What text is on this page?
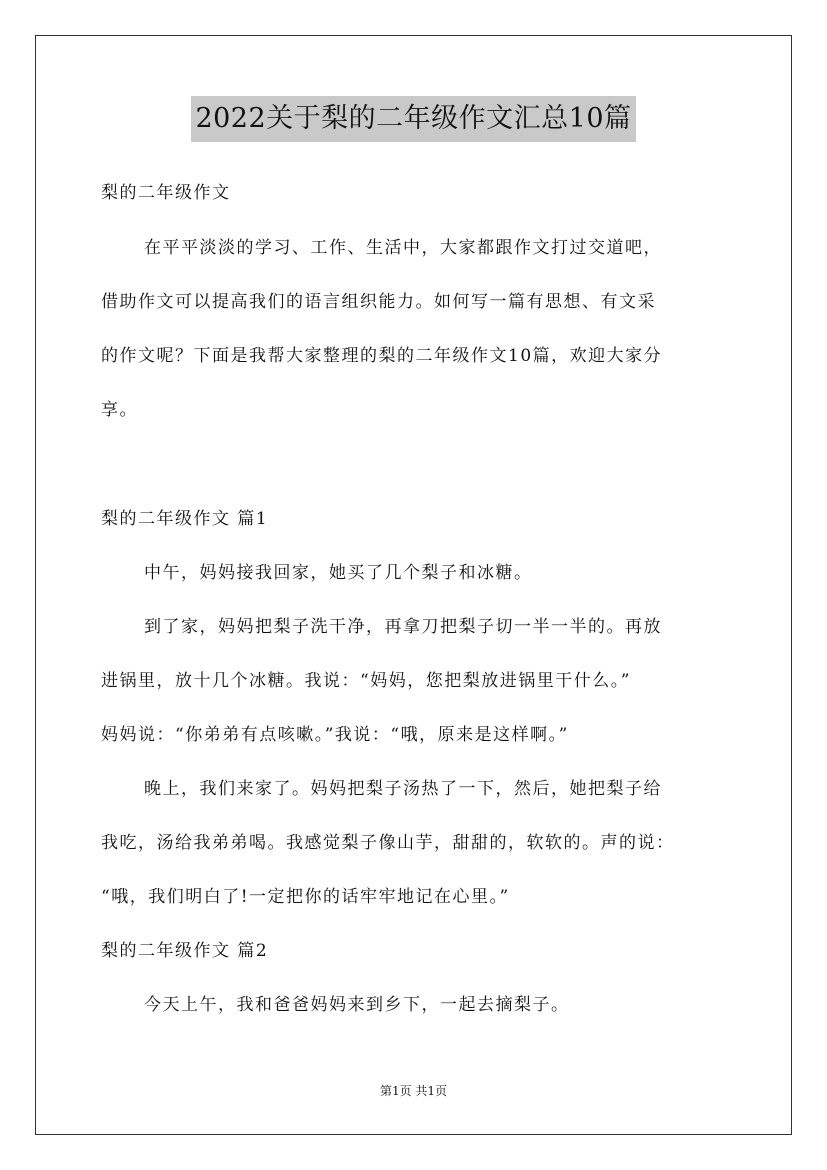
2022关于梨的二年级作文汇总10篇
梨的二年级作文
在平平淡淡的学习、工作、生活中，大家都跟作文打过交道吧，
借助作文可以提高我们的语言组织能力。如何写一篇有思想、有文采
的作文呢？下面是我帮大家整理的梨的二年级作文10篇，欢迎大家分
享。
梨的二年级作文 篇1
中午，妈妈接我回家，她买了几个梨子和冰糖。
到了家，妈妈把梨子洗干净，再拿刀把梨子切一半一半的。再放
进锅里，放十几个冰糖。我说：“妈妈，您把梨放进锅里干什么。”
妈妈说：“你弟弟有点咳嗽。”我说：“哦，原来是这样啊。”
晚上，我们来家了。妈妈把梨子汤热了一下，然后，她把梨子给
我吃，汤给我弟弟喝。我感觉梨子像山芋，甜甜的，软软的。声的说：
“哦，我们明白了!一定把你的话牢牢地记在心里。”
梨的二年级作文 篇2
今天上午，我和爸爸妈妈来到乡下，一起去摘梨子。
第1页 共1页
